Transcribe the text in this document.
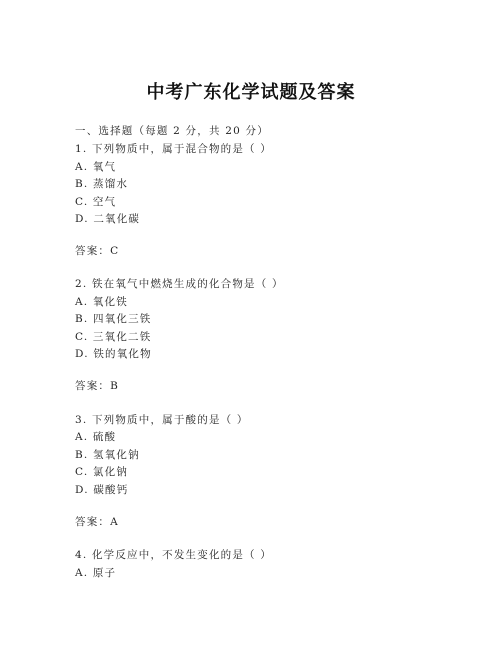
中考广东化学试题及答案
一、选择题（每题 2 分，共 20 分）
1. 下列物质中，属于混合物的是（ ）
A. 氧气
B. 蒸馏水
C. 空气
D. 二氧化碳
答案：C
2. 铁在氧气中燃烧生成的化合物是（ ）
A. 氧化铁
B. 四氧化三铁
C. 三氧化二铁
D. 铁的氧化物
答案：B
3. 下列物质中，属于酸的是（ ）
A. 硫酸
B. 氢氧化钠
C. 氯化钠
D. 碳酸钙
答案：A
4. 化学反应中，不发生变化的是（ ）
A. 原子
